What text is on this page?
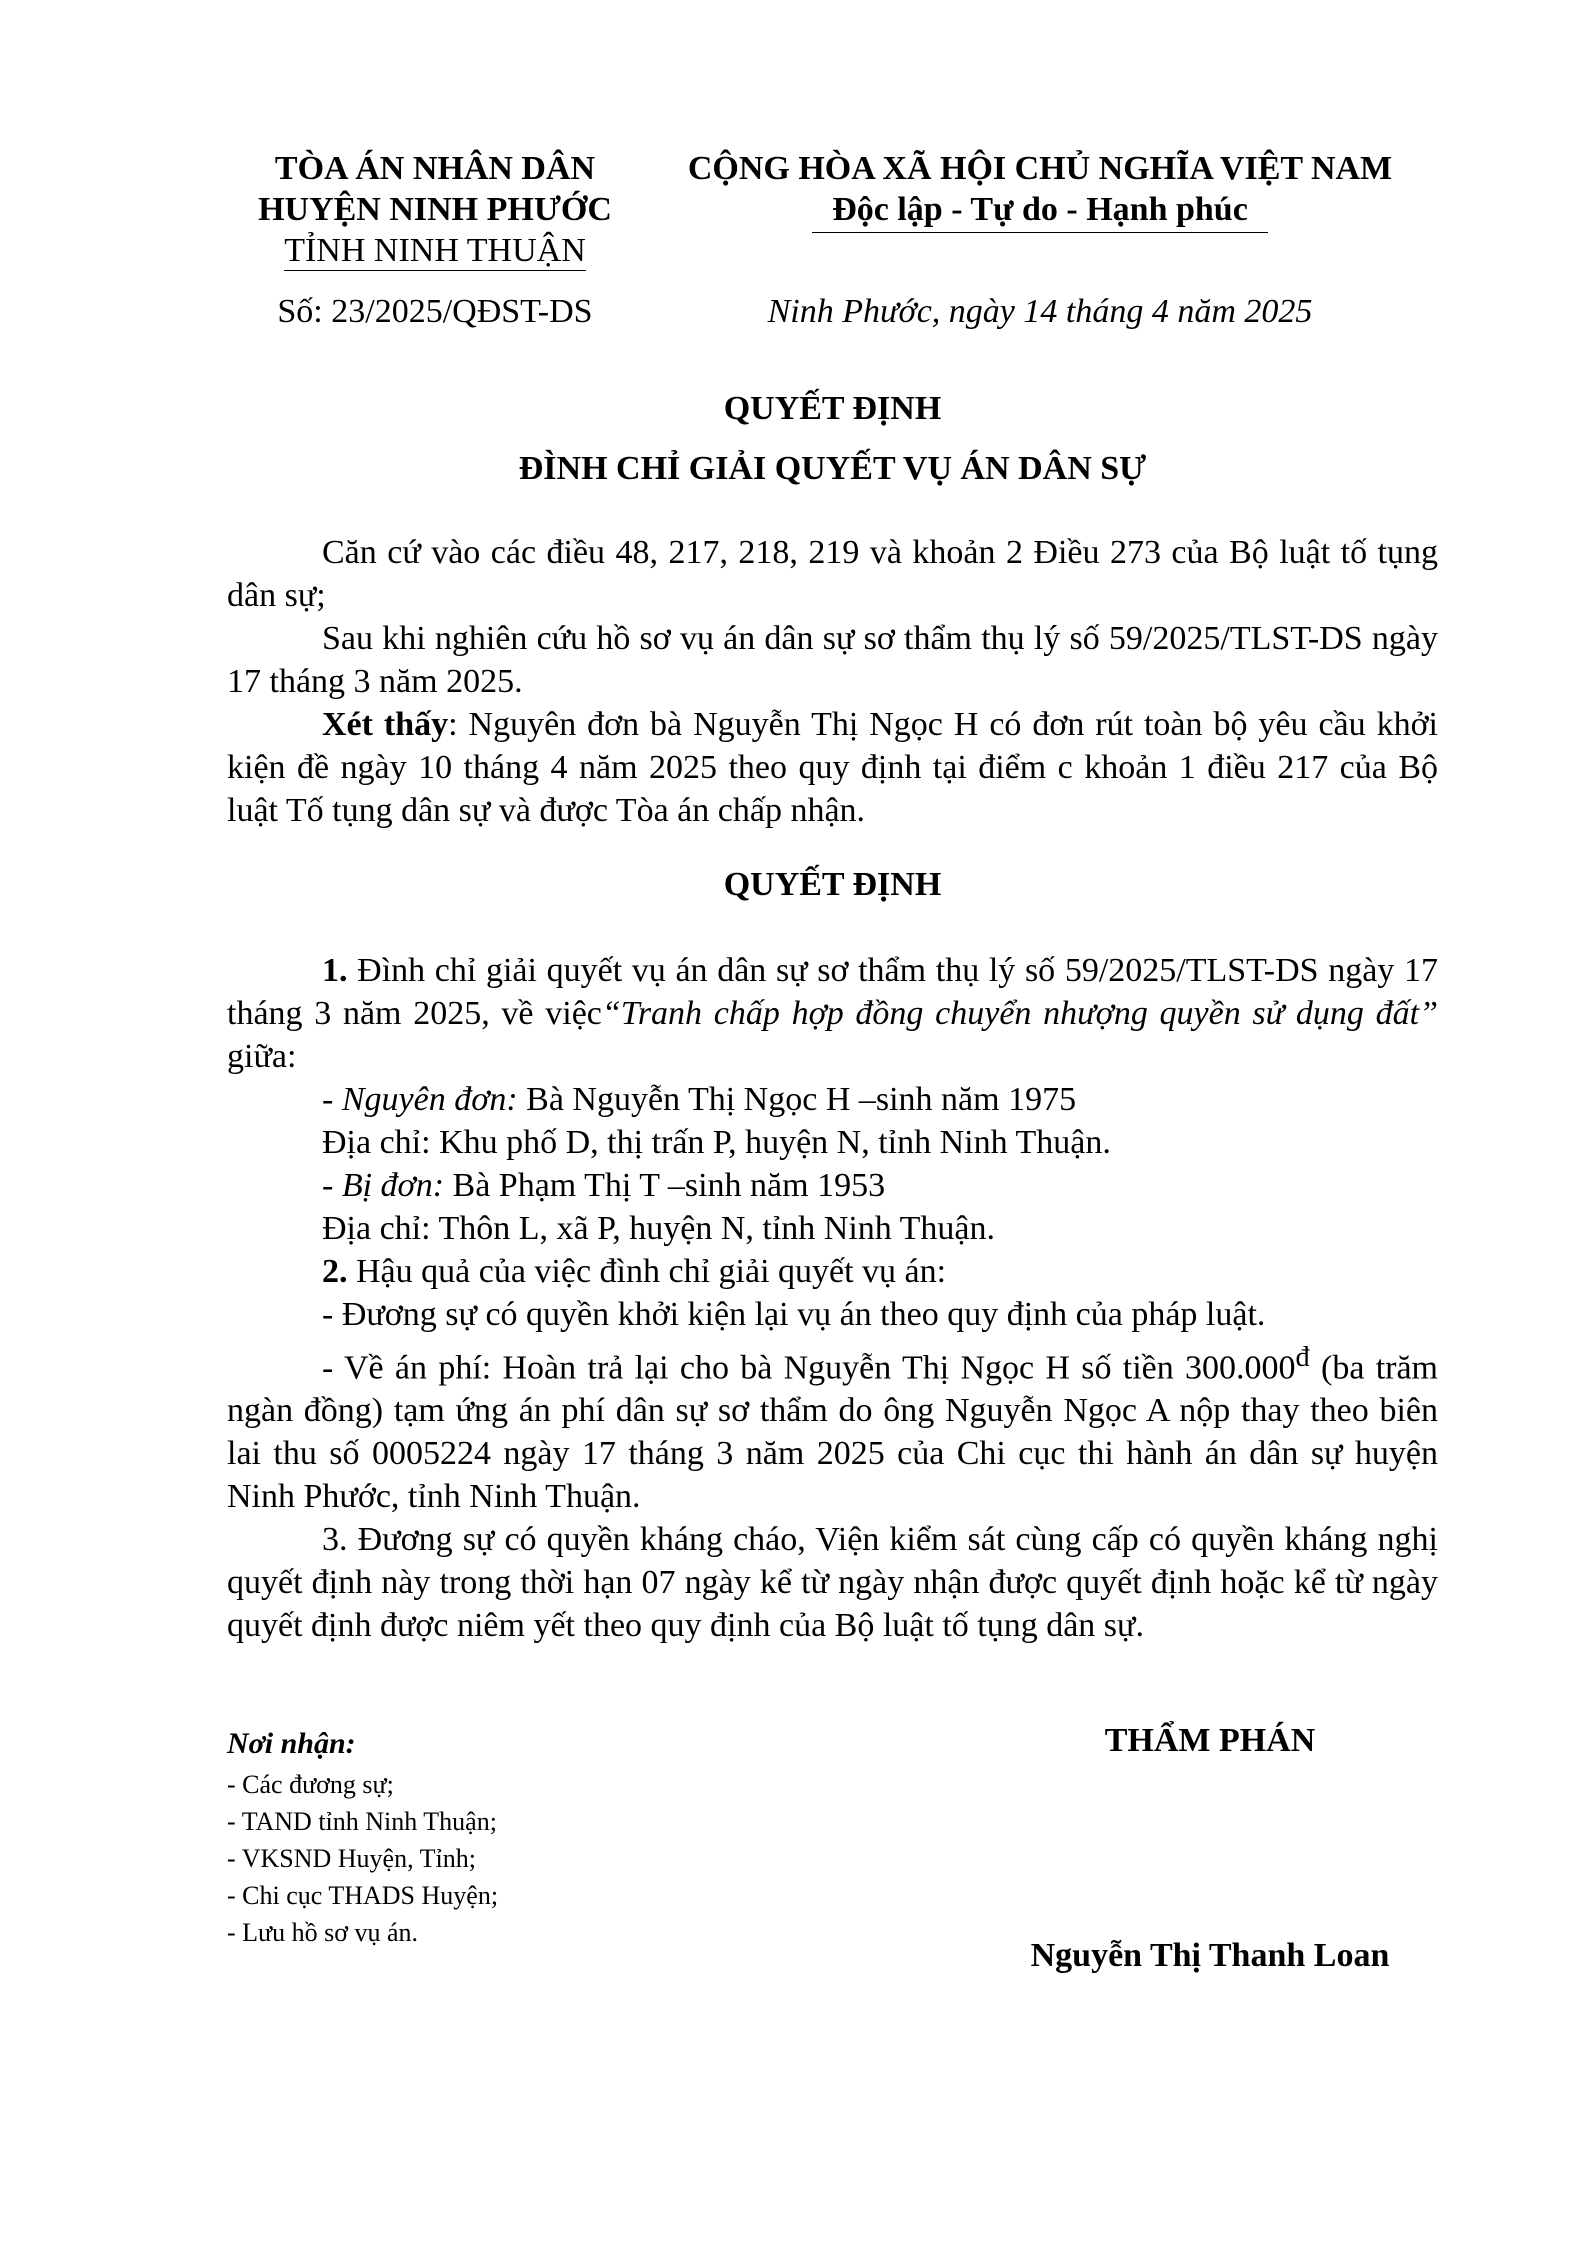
TÒA ÁN NHÂN DÂN
HUYỆN NINH PHƯỚC
TỈNH NINH THUẬN
CỘNG HÒA XÃ HỘI CHỦ NGHĨA VIỆT NAM
Độc lập - Tự do - Hạnh phúc
Số: 23/2025/QĐST-DS	Ninh Phước, ngày 14 tháng 4 năm 2025
QUYẾT ĐỊNH
ĐÌNH CHỈ GIẢI QUYẾT VỤ ÁN DÂN SỰ

Căn cứ vào các điều 48, 217, 218, 219 và khoản 2 Điều 273 của Bộ luật tố tụng dân sự;

Sau khi nghiên cứu hồ sơ vụ án dân sự sơ thẩm thụ lý số 59/2025/TLST-DS ngày 17 tháng 3 năm 2025.

Xét thấy: Nguyên đơn bà Nguyễn Thị Ngọc H có đơn rút toàn bộ yêu cầu khởi kiện đề ngày 10 tháng 4 năm 2025 theo quy định tại điểm c khoản 1 điều 217 của Bộ luật Tố tụng dân sự và được Tòa án chấp nhận.

QUYẾT ĐỊNH

1. Đình chỉ giải quyết vụ án dân sự sơ thẩm thụ lý số 59/2025/TLST-DS ngày 17 tháng 3 năm 2025, về việc“Tranh chấp hợp đồng chuyển nhượng quyền sử dụng đất” giữa:

- Nguyên đơn: Bà Nguyễn Thị Ngọc H –sinh năm 1975

Địa chỉ: Khu phố D, thị trấn P, huyện N, tỉnh Ninh Thuận.

- Bị đơn: Bà Phạm Thị T –sinh năm 1953

Địa chỉ: Thôn L, xã P, huyện N, tỉnh Ninh Thuận.

2. Hậu quả của việc đình chỉ giải quyết vụ án:

- Đương sự có quyền khởi kiện lại vụ án theo quy định của pháp luật.

- Về án phí: Hoàn trả lại cho bà Nguyễn Thị Ngọc H số tiền $300.000^đ$ (ba trăm ngàn đồng) tạm ứng án phí dân sự sơ thẩm do ông Nguyễn Ngọc A nộp thay theo biên lai thu số 0005224 ngày 17 tháng 3 năm 2025 của Chi cục thi hành án dân sự huyện Ninh Phước, tỉnh Ninh Thuận.

3. Đương sự có quyền kháng cháo, Viện kiểm sát cùng cấp có quyền kháng nghị quyết định này trong thời hạn 07 ngày kể từ ngày nhận được quyết định hoặc kể từ ngày quyết định được niêm yết theo quy định của Bộ luật tố tụng dân sự.

Nơi nhận:
- Các đương sự;
- TAND tỉnh Ninh Thuận;
- VKSND Huyện, Tỉnh;
- Chi cục THADS Huyện;
- Lưu hồ sơ vụ án.
THẨM PHÁN
Nguyễn Thị Thanh Loan
